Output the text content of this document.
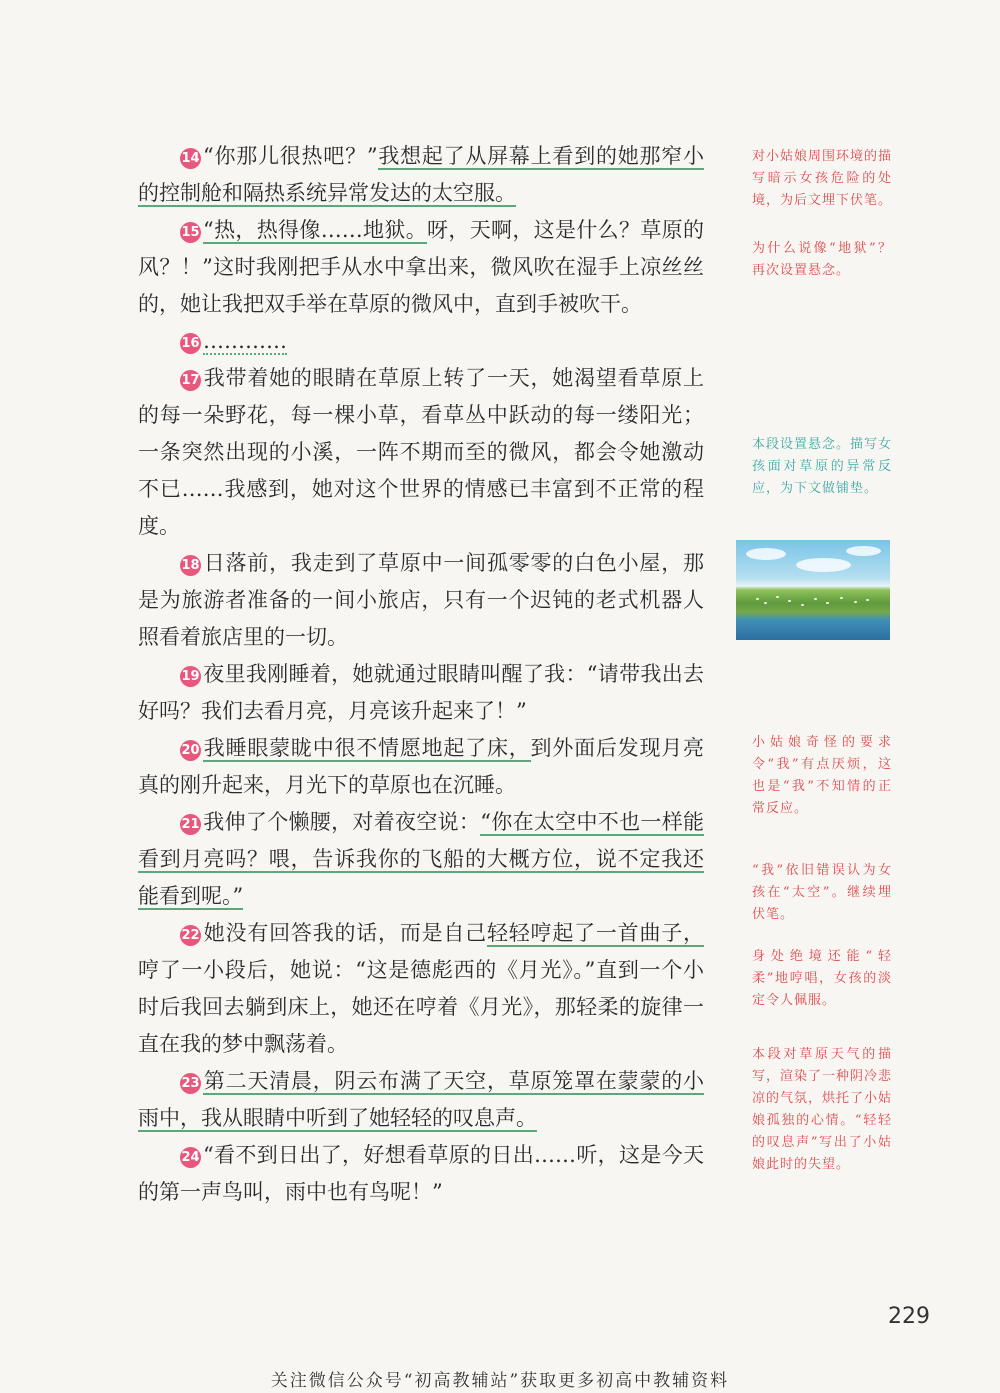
14 “你那儿很热吧？”我想起了从屏幕上看到的她那窄小的控制舱和隔热系统异常发达的太空服。

15 “热，热得像……地狱。呀，天啊，这是什么？草原的风？！”这时我刚把手从水中拿出来，微风吹在湿手上凉丝丝的，她让我把双手举在草原的微风中，直到手被吹干。

16 …………

17 我带着她的眼睛在草原上转了一天，她渴望看草原上的每一朵野花，每一棵小草，看草丛中跃动的每一缕阳光；一条突然出现的小溪，一阵不期而至的微风，都会令她激动不已……我感到，她对这个世界的情感已丰富到不正常的程度。

18 日落前，我走到了草原中一间孤零零的白色小屋，那是为旅游者准备的一间小旅店，只有一个迟钝的老式机器人照看着旅店里的一切。

19 夜里我刚睡着，她就通过眼睛叫醒了我：“请带我出去好吗？我们去看月亮，月亮该升起来了！”

20 我睡眼蒙眬中很不情愿地起了床，到外面后发现月亮真的刚升起来，月光下的草原也在沉睡。

21 我伸了个懒腰，对着夜空说：“你在太空中不也一样能看到月亮吗？喂，告诉我你的飞船的大概方位，说不定我还能看到呢。”

22 她没有回答我的话，而是自己轻轻哼起了一首曲子，哼了一小段后，她说：“这是德彪西的《月光》。”直到一个小时后我回去躺到床上，她还在哼着《月光》，那轻柔的旋律一直在我的梦中飘荡着。

23 第二天清晨，阴云布满了天空，草原笼罩在蒙蒙的小雨中，我从眼睛中听到了她轻轻的叹息声。

24 “看不到日出了，好想看草原的日出……听，这是今天的第一声鸟叫，雨中也有鸟呢！”

对小姑娘周围环境的描写暗示女孩危险的处境，为后文埋下伏笔。

为什么说像“地狱”？再次设置悬念。

本段设置悬念。描写女孩面对草原的异常反应，为下文做铺垫。

小姑娘奇怪的要求令“我”有点厌烦，这也是“我”不知情的正常反应。

“我”依旧错误认为女孩在“太空”。继续埋伏笔。

身处绝境还能“轻柔”地哼唱，女孩的淡定令人佩服。

本段对草原天气的描写，渲染了一种阴冷悲凉的气氛，烘托了小姑娘孤独的心情。“轻轻的叹息声”写出了小姑娘此时的失望。

229
关注微信公众号“初高教辅站”获取更多初高中教辅资料
